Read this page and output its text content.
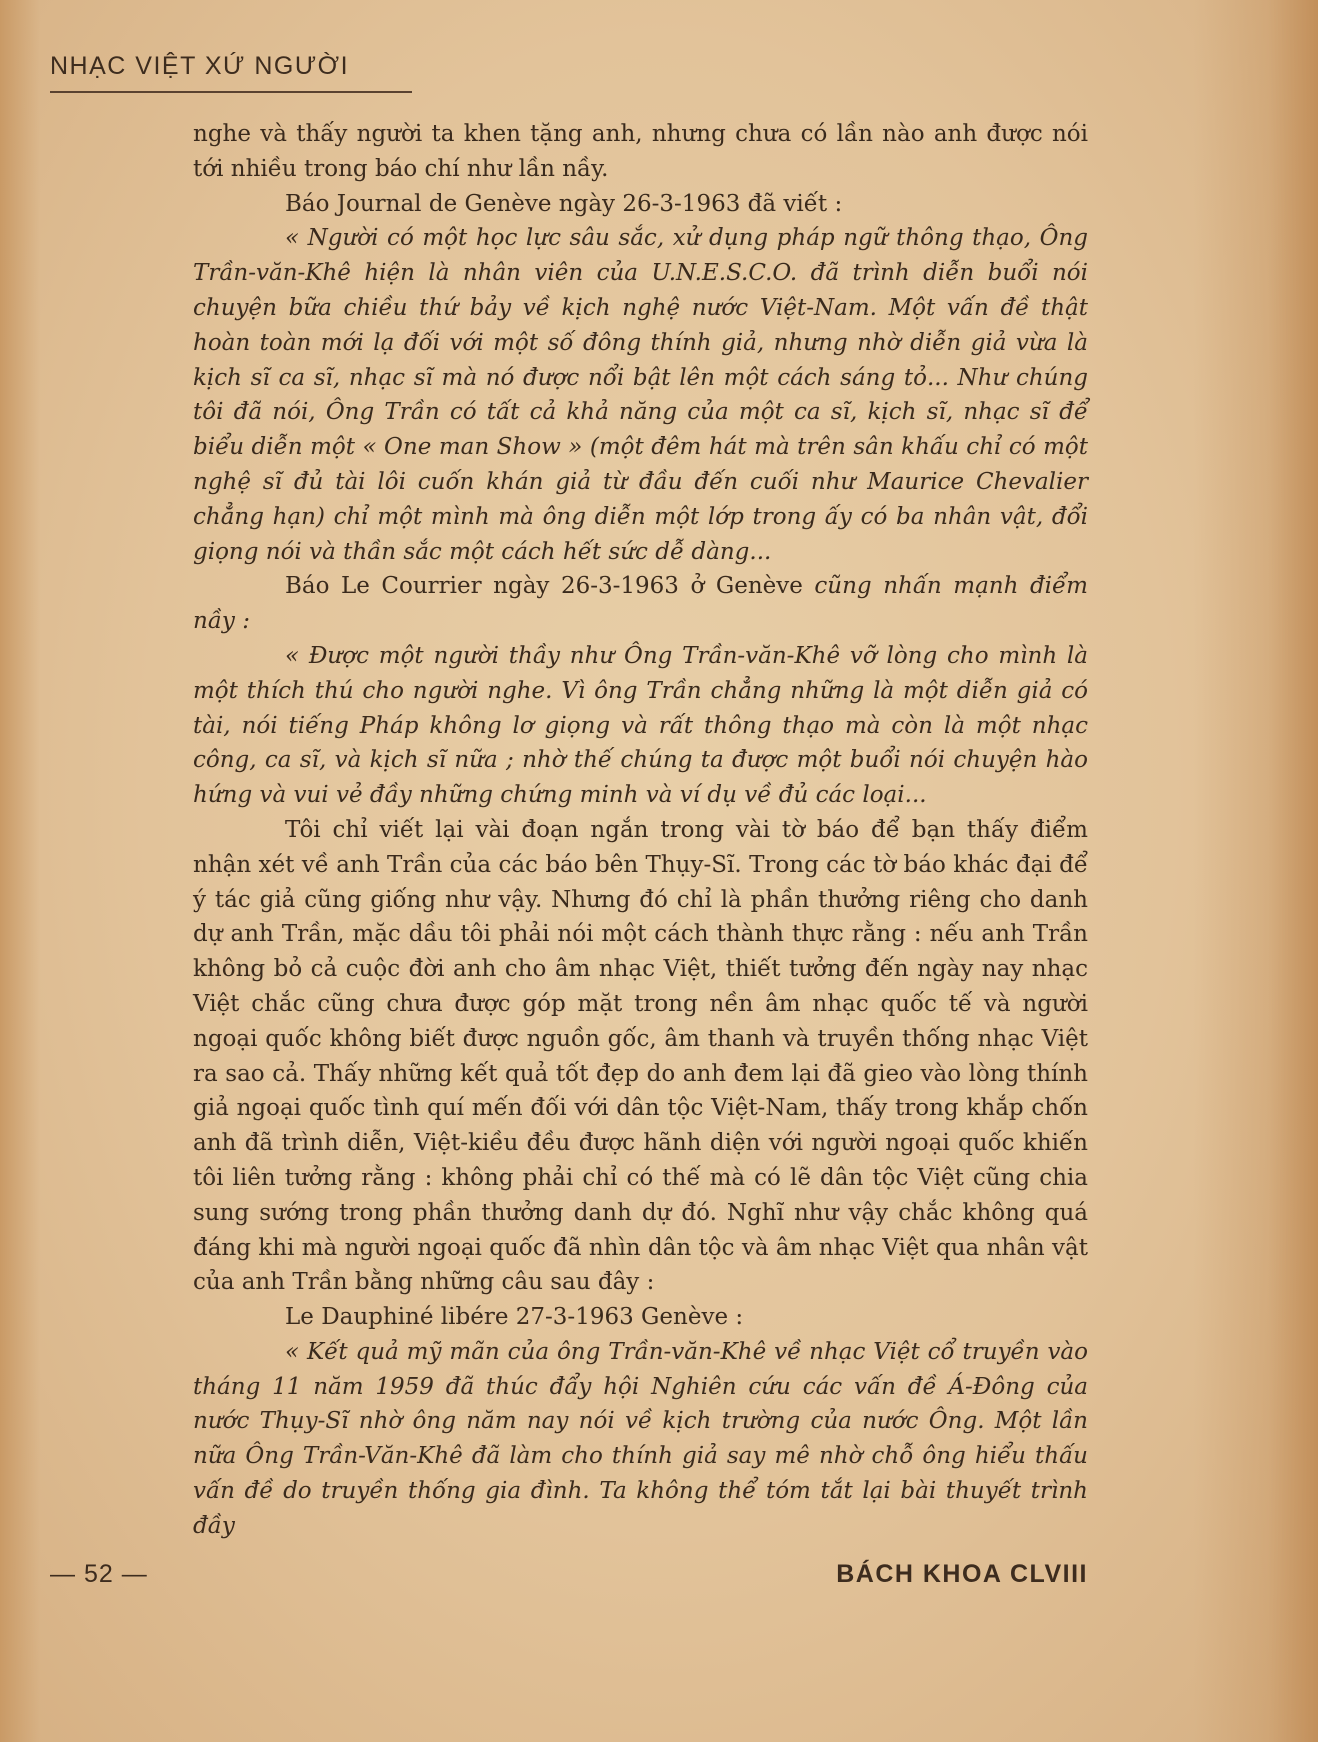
NHẠC VIỆT XỨ NGƯỜI

nghe và thấy người ta khen tặng anh, nhưng chưa có lần nào anh được nói tới nhiều trong báo chí như lần nầy.

Báo Journal de Genève ngày 26-3-1963 đã viết :

« Người có một học lực sâu sắc, xử dụng pháp ngữ thông thạo, Ông Trần-văn-Khê hiện là nhân viên của U.N.E.S.C.O. đã trình diễn buổi nói chuyện bữa chiều thứ bảy về kịch nghệ nước Việt-Nam. Một vấn đề thật hoàn toàn mới lạ đối với một số đông thính giả, nhưng nhờ diễn giả vừa là kịch sĩ ca sĩ, nhạc sĩ mà nó được nổi bật lên một cách sáng tỏ... Như chúng tôi đã nói, Ông Trần có tất cả khả năng của một ca sĩ, kịch sĩ, nhạc sĩ để biểu diễn một « One man Show » (một đêm hát mà trên sân khấu chỉ có một nghệ sĩ đủ tài lôi cuốn khán giả từ đầu đến cuối như Maurice Chevalier chẳng hạn) chỉ một mình mà ông diễn một lớp trong ấy có ba nhân vật, đổi giọng nói và thần sắc một cách hết sức dễ dàng...

Báo Le Courrier ngày 26-3-1963 ở Genève cũng nhấn mạnh điểm nầy :

« Được một người thầy như Ông Trần-văn-Khê vỡ lòng cho mình là một thích thú cho người nghe. Vì ông Trần chẳng những là một diễn giả có tài, nói tiếng Pháp không lơ giọng và rất thông thạo mà còn là một nhạc công, ca sĩ, và kịch sĩ nữa ; nhờ thế chúng ta được một buổi nói chuyện hào hứng và vui vẻ đầy những chứng minh và ví dụ về đủ các loại...

Tôi chỉ viết lại vài đoạn ngắn trong vài tờ báo để bạn thấy điểm nhận xét về anh Trần của các báo bên Thụy-Sĩ. Trong các tờ báo khác đại để ý tác giả cũng giống như vậy. Nhưng đó chỉ là phần thưởng riêng cho danh dự anh Trần, mặc dầu tôi phải nói một cách thành thực rằng : nếu anh Trần không bỏ cả cuộc đời anh cho âm nhạc Việt, thiết tưởng đến ngày nay nhạc Việt chắc cũng chưa được góp mặt trong nền âm nhạc quốc tế và người ngoại quốc không biết được nguồn gốc, âm thanh và truyền thống nhạc Việt ra sao cả. Thấy những kết quả tốt đẹp do anh đem lại đã gieo vào lòng thính giả ngoại quốc tình quí mến đối với dân tộc Việt-Nam, thấy trong khắp chốn anh đã trình diễn, Việt-kiều đều được hãnh diện với người ngoại quốc khiến tôi liên tưởng rằng : không phải chỉ có thế mà có lẽ dân tộc Việt cũng chia sung sướng trong phần thưởng danh dự đó. Nghĩ như vậy chắc không quá đáng khi mà người ngoại quốc đã nhìn dân tộc và âm nhạc Việt qua nhân vật của anh Trần bằng những câu sau đây :

Le Dauphiné libére 27-3-1963 Genève :

« Kết quả mỹ mãn của ông Trần-văn-Khê về nhạc Việt cổ truyền vào tháng 11 năm 1959 đã thúc đẩy hội Nghiên cứu các vấn đề Á-Đông của nước Thụy-Sĩ nhờ ông năm nay nói về kịch trường của nước Ông. Một lần nữa Ông Trần-Văn-Khê đã làm cho thính giả say mê nhờ chỗ ông hiểu thấu vấn đề do truyền thống gia đình. Ta không thể tóm tắt lại bài thuyết trình đầy

— 52 —	BÁCH KHOA CLVIII
